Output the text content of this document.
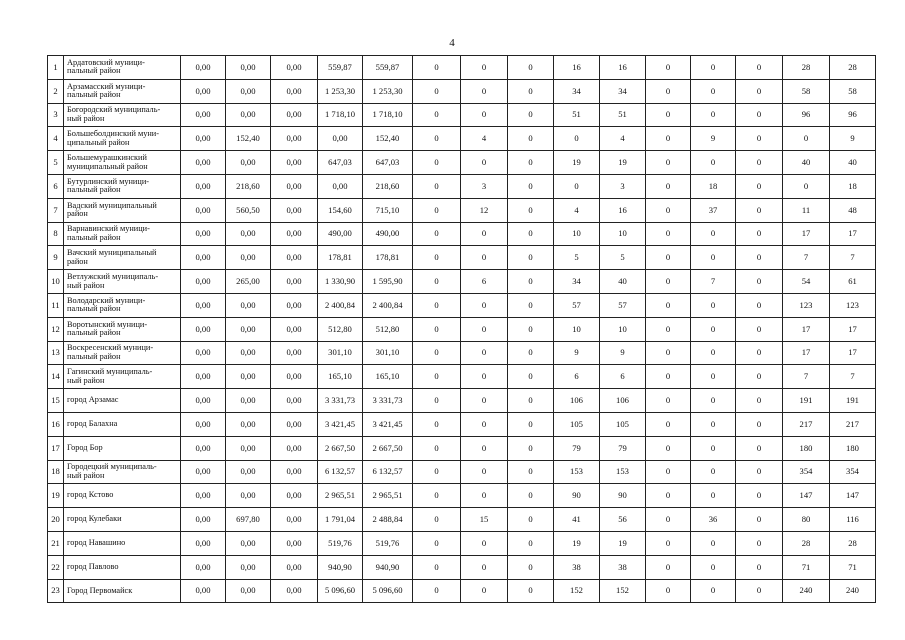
4
1	Ардатовский муници-
пальный район	0,00	0,00	0,00	559,87	559,87	0	0	0	16	16	0	0	0	28	28
2	Арзамасский муници-
пальный район	0,00	0,00	0,00	1 253,30	1 253,30	0	0	0	34	34	0	0	0	58	58
3	Богородский муниципаль-
ный район	0,00	0,00	0,00	1 718,10	1 718,10	0	0	0	51	51	0	0	0	96	96
4	Большеболдинский муни-
ципальный район	0,00	152,40	0,00	0,00	152,40	0	4	0	0	4	0	9	0	0	9
5	Большемурашкинский
муниципальный район	0,00	0,00	0,00	647,03	647,03	0	0	0	19	19	0	0	0	40	40
6	Бутурлинский муници-
пальный район	0,00	218,60	0,00	0,00	218,60	0	3	0	0	3	0	18	0	0	18
7	Вадский муниципальный
район	0,00	560,50	0,00	154,60	715,10	0	12	0	4	16	0	37	0	11	48
8	Варнавинский муници-
пальный район	0,00	0,00	0,00	490,00	490,00	0	0	0	10	10	0	0	0	17	17
9	Вачский муниципальный
район	0,00	0,00	0,00	178,81	178,81	0	0	0	5	5	0	0	0	7	7
10	Ветлужский муниципаль-
ный район	0,00	265,00	0,00	1 330,90	1 595,90	0	6	0	34	40	0	7	0	54	61
11	Володарский муници-
пальный район	0,00	0,00	0,00	2 400,84	2 400,84	0	0	0	57	57	0	0	0	123	123
12	Воротынский муници-
пальный район	0,00	0,00	0,00	512,80	512,80	0	0	0	10	10	0	0	0	17	17
13	Воскресенский муници-
пальный район	0,00	0,00	0,00	301,10	301,10	0	0	0	9	9	0	0	0	17	17
14	Гагинский муниципаль-
ный район	0,00	0,00	0,00	165,10	165,10	0	0	0	6	6	0	0	0	7	7
15	город Арзамас	0,00	0,00	0,00	3 331,73	3 331,73	0	0	0	106	106	0	0	0	191	191
16	город Балахна	0,00	0,00	0,00	3 421,45	3 421,45	0	0	0	105	105	0	0	0	217	217
17	Город Бор	0,00	0,00	0,00	2 667,50	2 667,50	0	0	0	79	79	0	0	0	180	180
18	Городецкий муниципаль-
ный район	0,00	0,00	0,00	6 132,57	6 132,57	0	0	0	153	153	0	0	0	354	354
19	город Кстово	0,00	0,00	0,00	2 965,51	2 965,51	0	0	0	90	90	0	0	0	147	147
20	город Кулебаки	0,00	697,80	0,00	1 791,04	2 488,84	0	15	0	41	56	0	36	0	80	116
21	город Навашино	0,00	0,00	0,00	519,76	519,76	0	0	0	19	19	0	0	0	28	28
22	город Павлово	0,00	0,00	0,00	940,90	940,90	0	0	0	38	38	0	0	0	71	71
23	Город Первомайск	0,00	0,00	0,00	5 096,60	5 096,60	0	0	0	152	152	0	0	0	240	240
